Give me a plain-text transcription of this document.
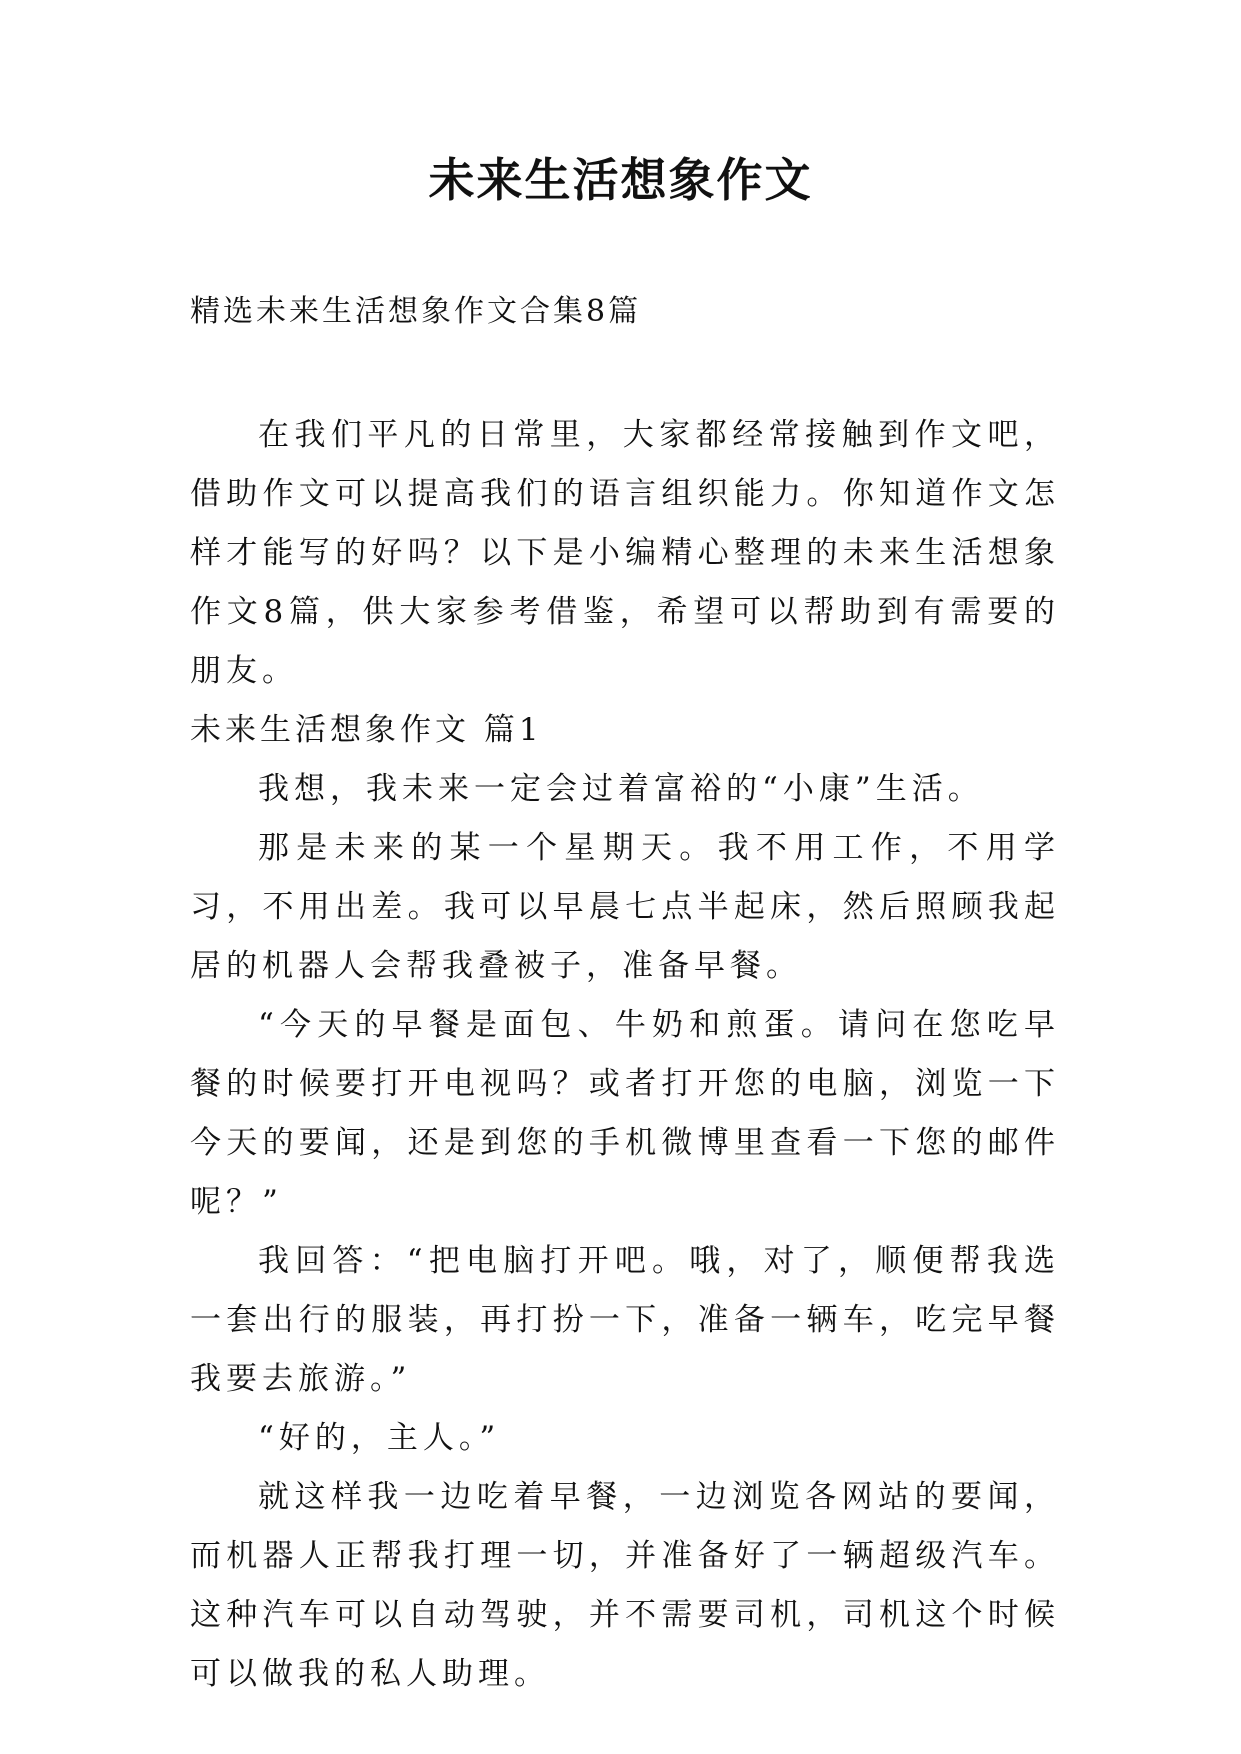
未来生活想象作文
精选未来生活想象作文合集8篇

在我们平凡的日常里，大家都经常接触到作文吧，借助作文可以提高我们的语言组织能力。你知道作文怎样才能写的好吗？以下是小编精心整理的未来生活想象作文8篇，供大家参考借鉴，希望可以帮助到有需要的朋友。

未来生活想象作文 篇1

我想，我未来一定会过着富裕的“小康”生活。

那是未来的某一个星期天。我不用工作，不用学习，不用出差。我可以早晨七点半起床，然后照顾我起居的机器人会帮我叠被子，准备早餐。

“今天的早餐是面包、牛奶和煎蛋。请问在您吃早餐的时候要打开电视吗？或者打开您的电脑，浏览一下今天的要闻，还是到您的手机微博里查看一下您的邮件呢？”

我回答：“把电脑打开吧。哦，对了，顺便帮我选一套出行的服装，再打扮一下，准备一辆车，吃完早餐我要去旅游。”

“好的，主人。”

就这样我一边吃着早餐，一边浏览各网站的要闻，而机器人正帮我打理一切，并准备好了一辆超级汽车。这种汽车可以自动驾驶，并不需要司机，司机这个时候可以做我的私人助理。
